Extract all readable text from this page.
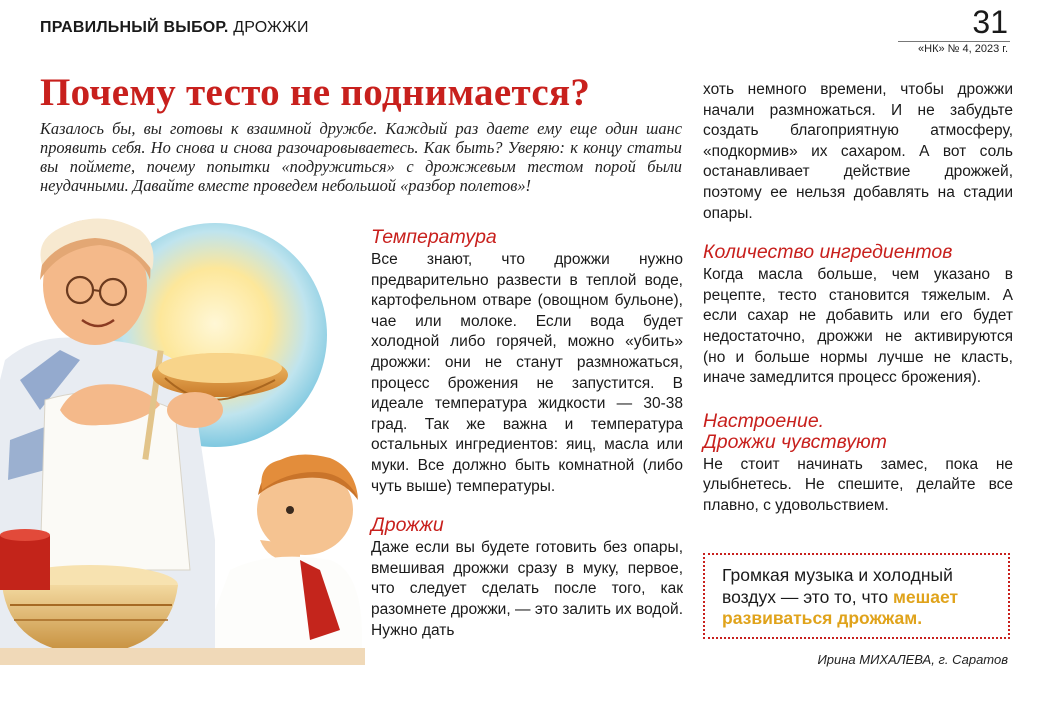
ПРАВИЛЬНЫЙ ВЫБОР. ДРОЖЖИ	31
«НК» № 4, 2023 г.
Почему тесто не поднимается?
Казалось бы, вы готовы к взаимной дружбе. Каждый раз даете ему еще один шанс проявить себя. Но снова и снова разочаровываетесь. Как быть? Уверяю: к концу статьи вы поймете, почему попытки «подружиться» с дрожжевым тестом порой были неудачными. Давайте вместе проведем небольшой «разбор полетов»!

Температура

Все знают, что дрожжи нужно предварительно развести в теплой воде, картофельном отваре (овощном бульоне), чае или молоке. Если вода будет холодной либо горячей, можно «убить» дрожжи: они не станут размножаться, процесс брожения не запустится. В идеале температура жидкости — 30-38 град. Так же важна и температура остальных ингредиентов: яиц, масла или муки. Все должно быть комнатной (либо чуть выше) температуры.

Дрожжи

Даже если вы будете готовить без опары, вмешивая дрожжи сразу в муку, первое, что следует сделать после того, как разомнете дрожжи, — это залить их водой. Нужно дать

хоть немного времени, чтобы дрожжи начали размножаться. И не забудьте создать благоприятную атмосферу, «подкормив» их сахаром. А вот соль останавливает действие дрожжей, поэтому ее нельзя добавлять на стадии опары.

Количество ингредиентов

Когда масла больше, чем указано в рецепте, тесто становится тяжелым. А если сахар не добавить или его будет недостаточно, дрожжи не активируются (но и больше нормы лучше не класть, иначе замедлится процесс брожения).

Настроение.

Дрожжи чувствуют

Не стоит начинать замес, пока не улыбнетесь. Не спешите, делайте все плавно, с удовольствием.

Громкая музыка и холодный воздух — это то, что мешает развиваться дрожжам.
Ирина МИХАЛЕВА, г. Саратов
